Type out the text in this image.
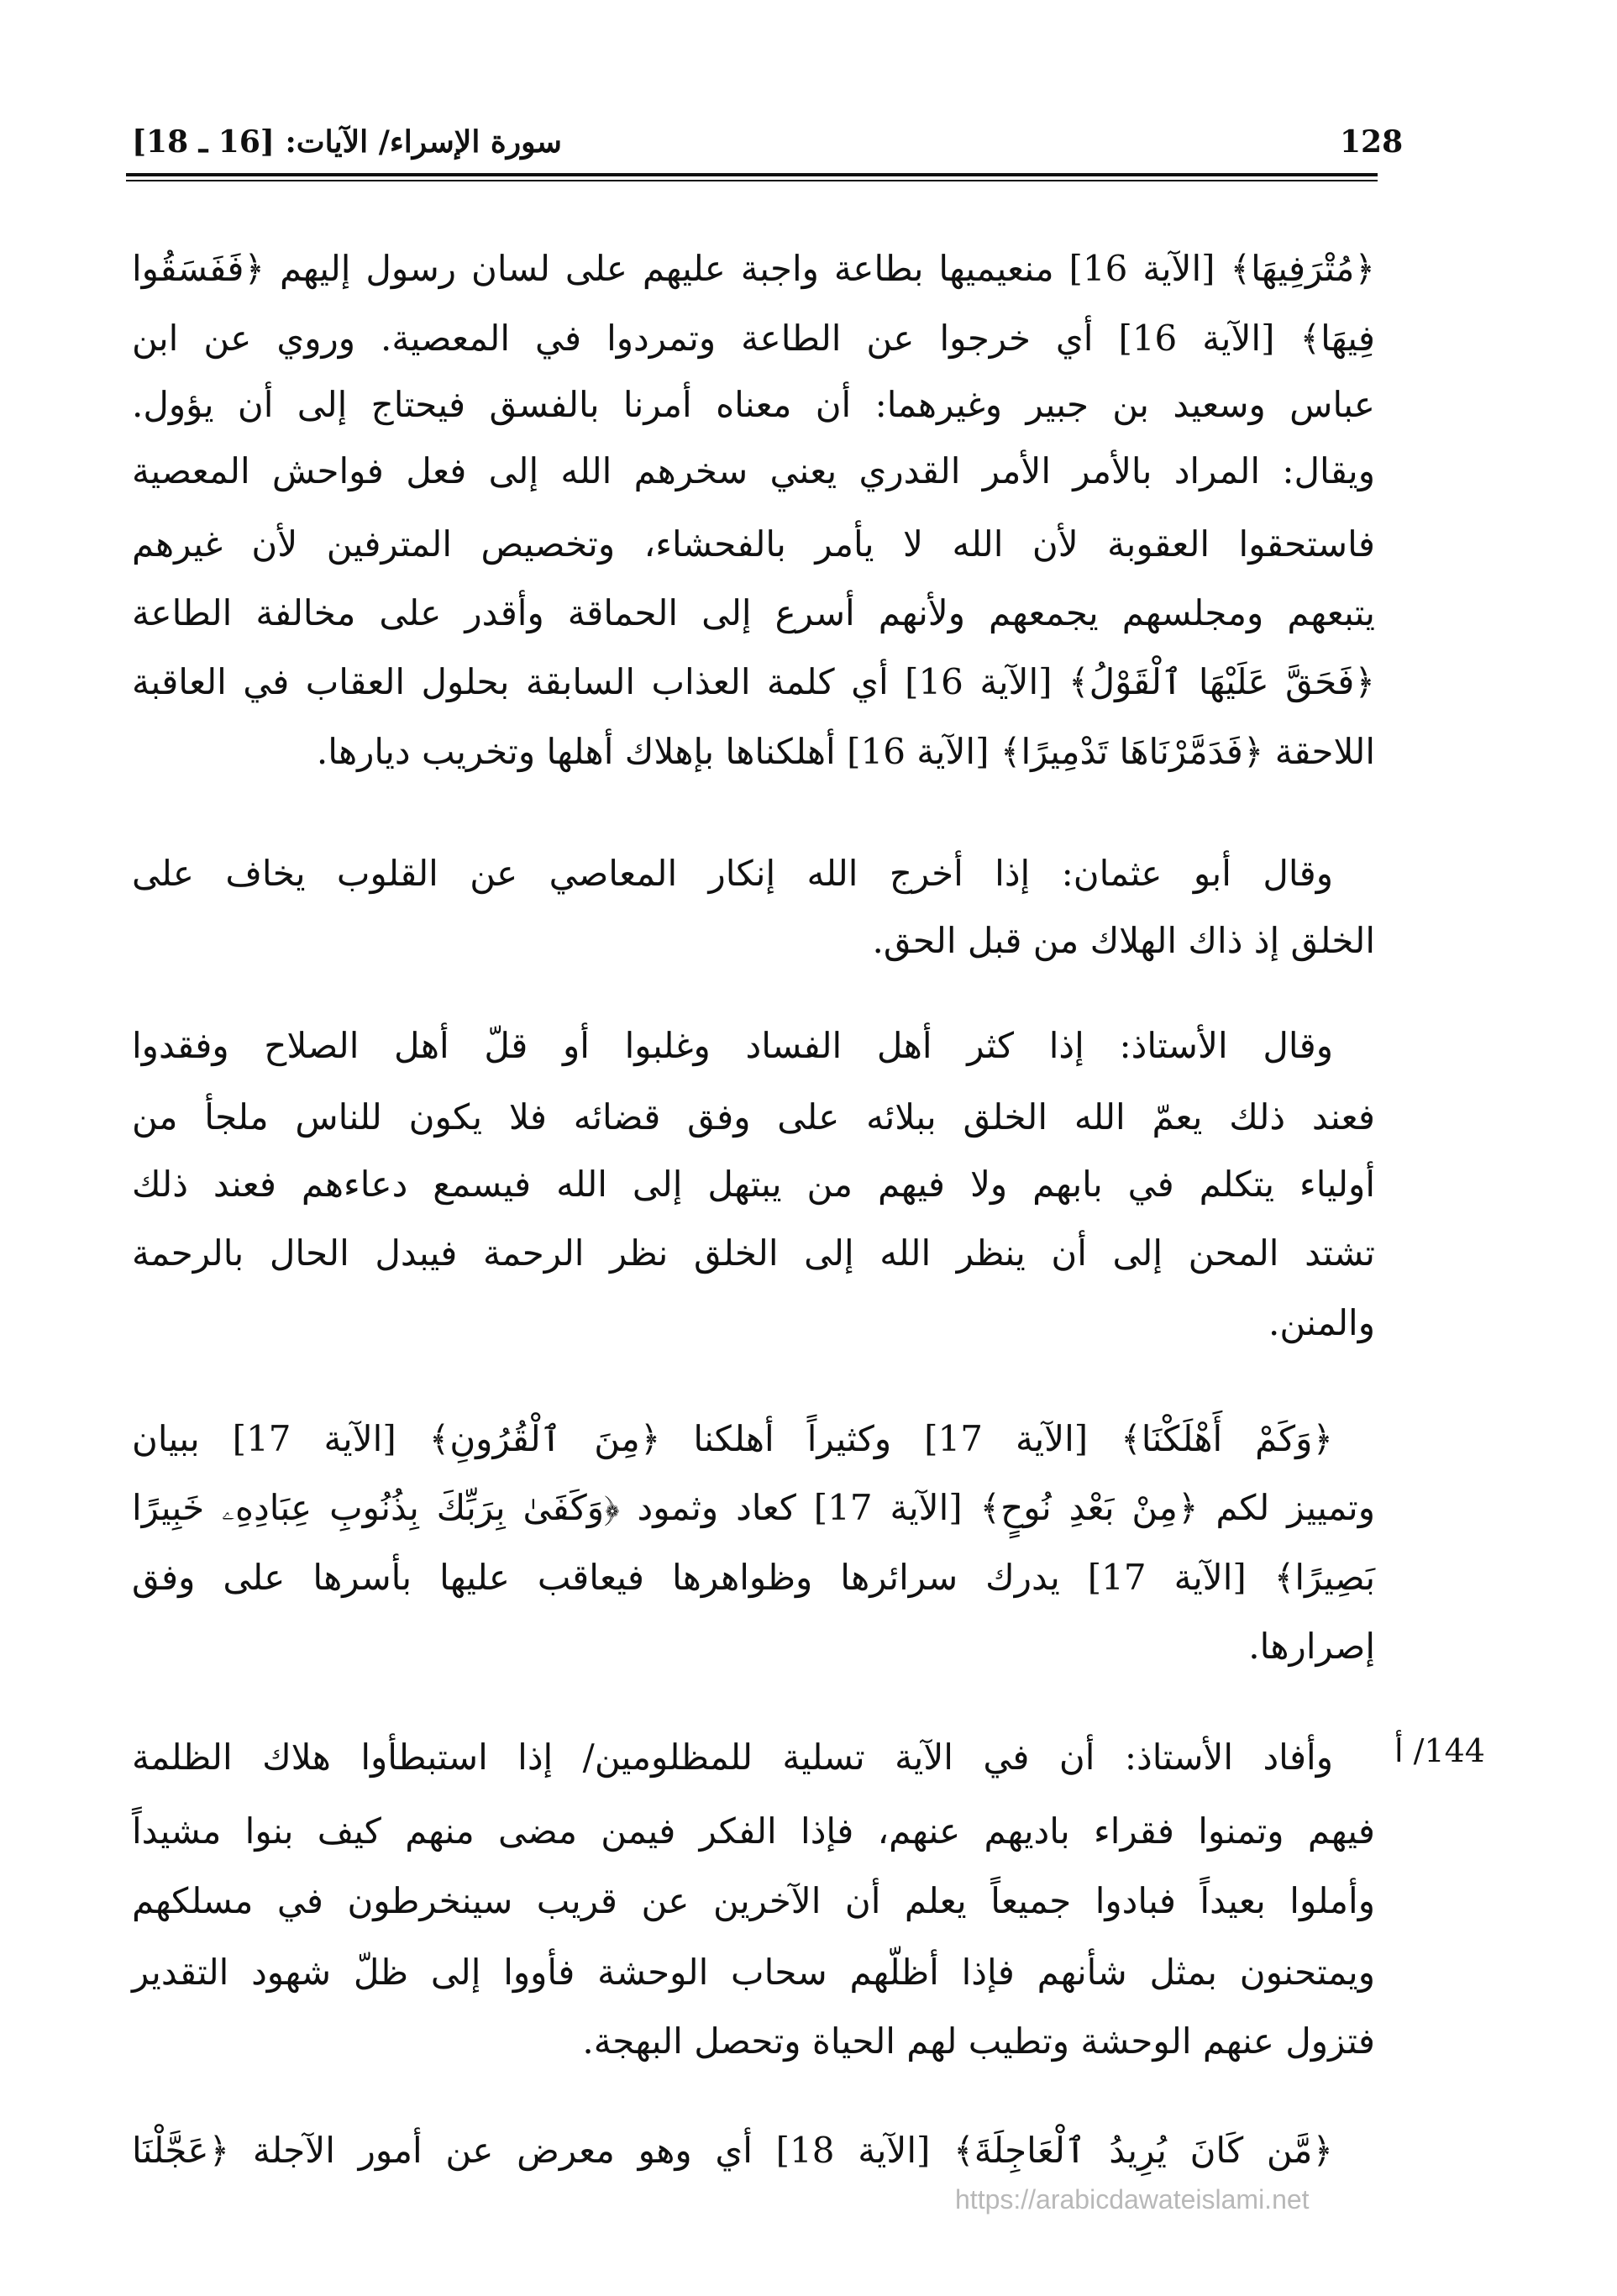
128
سورة الإسراء/ الآيات: [16 ـ 18]
﴿مُتْرَفِيهَا﴾ [الآية 16] منعيميها بطاعة واجبة عليهم على لسان رسول إليهم ﴿فَفَسَقُوا
فِيهَا﴾ [الآية 16] أي خرجوا عن الطاعة وتمردوا في المعصية. وروي عن ابن
عباس وسعيد بن جبير وغيرهما: أن معناه أمرنا بالفسق فيحتاج إلى أن يؤول.
ويقال: المراد بالأمر الأمر القدري يعني سخرهم الله إلى فعل فواحش المعصية
فاستحقوا العقوبة لأن الله لا يأمر بالفحشاء، وتخصيص المترفين لأن غيرهم
يتبعهم ومجلسهم يجمعهم ولأنهم أسرع إلى الحماقة وأقدر على مخالفة الطاعة
﴿فَحَقَّ عَلَيْهَا ٱلْقَوْلُ﴾ [الآية 16] أي كلمة العذاب السابقة بحلول العقاب في العاقبة
اللاحقة ﴿فَدَمَّرْنَاهَا تَدْمِيرًا﴾ [الآية 16] أهلكناها بإهلاك أهلها وتخريب ديارها.
وقال أبو عثمان: إذا أخرج الله إنكار المعاصي عن القلوب يخاف على
الخلق إذ ذاك الهلاك من قبل الحق.
وقال الأستاذ: إذا كثر أهل الفساد وغلبوا أو قلّ أهل الصلاح وفقدوا
فعند ذلك يعمّ الله الخلق ببلائه على وفق قضائه فلا يكون للناس ملجأ من
أولياء يتكلم في بابهم ولا فيهم من يبتهل إلى الله فيسمع دعاءهم فعند ذلك
تشتد المحن إلى أن ينظر الله إلى الخلق نظر الرحمة فيبدل الحال بالرحمة
والمنن.
﴿وَكَمْ أَهْلَكْنَا﴾ [الآية 17] وكثيراً أهلكنا ﴿مِنَ ٱلْقُرُونِ﴾ [الآية 17] ببيان
وتمييز لكم ﴿مِنْ بَعْدِ نُوحٍ﴾ [الآية 17] كعاد وثمود ﴿وَكَفَىٰ بِرَبِّكَ بِذُنُوبِ عِبَادِهِۦ خَبِيرًا
بَصِيرًا﴾ [الآية 17] يدرك سرائرها وظواهرها فيعاقب عليها بأسرها على وفق
إصرارها.
وأفاد الأستاذ: أن في الآية تسلية للمظلومين/ إذا استبطأوا هلاك الظلمة
فيهم وتمنوا فقراء باديهم عنهم، فإذا الفكر فيمن مضى منهم كيف بنوا مشيداً
وأملوا بعيداً فبادوا جميعاً يعلم أن الآخرين عن قريب سينخرطون في مسلكهم
ويمتحنون بمثل شأنهم فإذا أظلّهم سحاب الوحشة فأووا إلى ظلّ شهود التقدير
فتزول عنهم الوحشة وتطيب لهم الحياة وتحصل البهجة.
﴿مَّن كَانَ يُرِيدُ ٱلْعَاجِلَةَ﴾ [الآية 18] أي وهو معرض عن أمور الآجلة ﴿عَجَّلْنَا
144/ أ
https://arabicdawateislami.net
